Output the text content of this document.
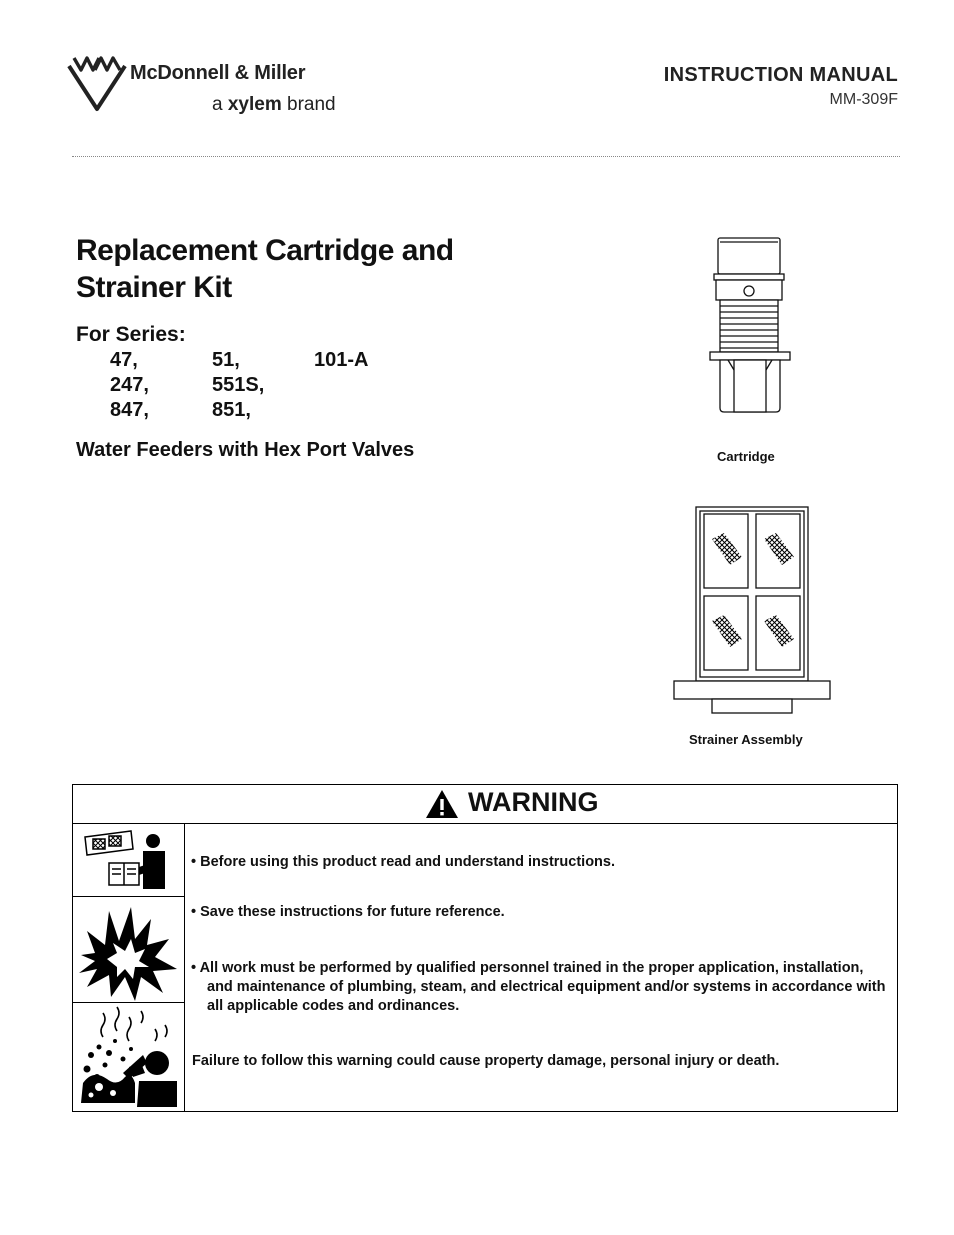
McDonnell & Miller
a xylem brand
INSTRUCTION MANUAL
MM-309F
Replacement Cartridge and
Strainer Kit
For Series:
47,	51,	101-A
247,	551S,
847,	851,
Water Feeders with Hex Port Valves	Cartridge
Strainer Assembly
WARNING
• Before using this product read and understand instructions.
• Save these instructions for future reference.
• All work must be performed by qualified personnel trained in the proper application, installation, and maintenance of plumbing, steam, and electrical equipment and/or systems in accordance with all applicable codes and ordinances.
Failure to follow this warning could cause property damage, personal injury or death.
